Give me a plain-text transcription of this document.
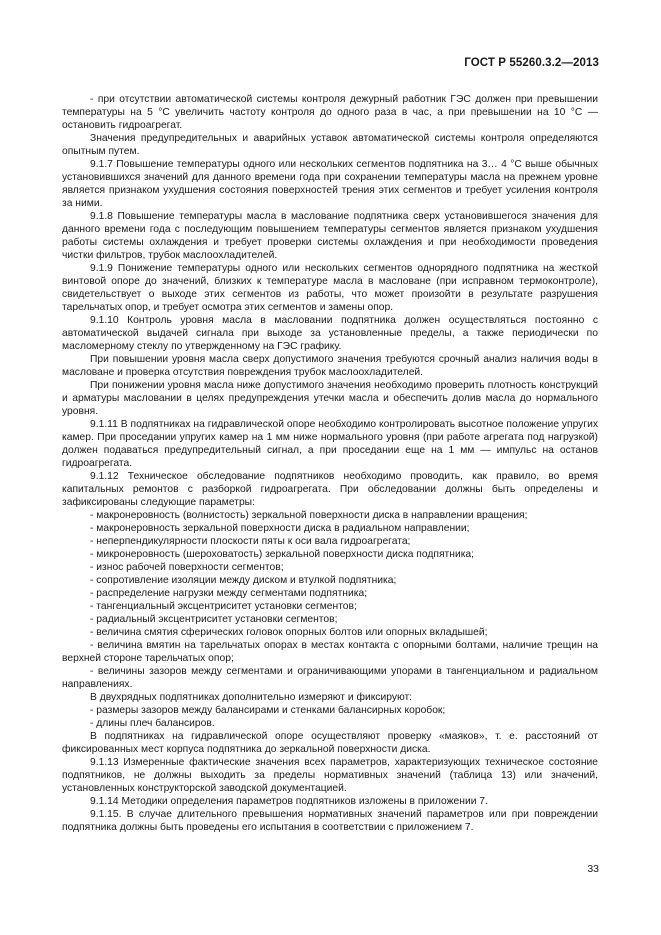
ГОСТ Р 55260.3.2—2013

- при отсутствии автоматической системы контроля дежурный работник ГЭС должен при превышении температуры на 5 °С увеличить частоту контроля до одного раза в час, а при превышении на 10 °С — остановить гидроагрегат.

Значения предупредительных и аварийных уставок автоматической системы контроля определяются опытным путем.

9.1.7 Повышение температуры одного или нескольких сегментов подпятника на 3… 4 °С выше обычных установившихся значений для данного времени года при сохранении температуры масла на прежнем уровне является признаком ухудшения состояния поверхностей трения этих сегментов и требует усиления контроля за ними.

9.1.8 Повышение температуры масла в маслование подпятника сверх установившегося значения для данного времени года с последующим повышением температуры сегментов является признаком ухудшения работы системы охлаждения и требует проверки системы охлаждения и при необходимости проведения чистки фильтров, трубок маслоохладителей.

9.1.9 Понижение температуры одного или нескольких сегментов однорядного подпятника на жесткой винтовой опоре до значений, близких к температуре масла в масловане (при исправном термоконтроле), свидетельствует о выходе этих сегментов из работы, что может произойти в результате разрушения тарельчатых опор, и требует осмотра этих сегментов и замены опор.

9.1.10 Контроль уровня масла в масловании подпятника должен осуществляться постоянно с автоматической выдачей сигнала при выходе за установленные пределы, а также периодически по масломерному стеклу по утвержденному на ГЭС графику.

При повышении уровня масла сверх допустимого значения требуются срочный анализ наличия воды в масловане и проверка отсутствия повреждения трубок маслоохладителей.

При понижении уровня масла ниже допустимого значения необходимо проверить плотность конструкций и арматуры масловании в целях предупреждения утечки масла и обеспечить долив масла до нормального уровня.

9.1.11 В подпятниках на гидравлической опоре необходимо контролировать высотное положение упругих камер. При проседании упругих камер на 1 мм ниже нормального уровня (при работе агрегата под нагрузкой) должен подаваться предупредительный сигнал, а при проседании еще на 1 мм — импульс на останов гидроагрегата.

9.1.12 Техническое обследование подпятников необходимо проводить, как правило, во время капитальных ремонтов с разборкой гидроагрегата. При обследовании должны быть определены и зафиксированы следующие параметры:

- макронеровность (волнистость) зеркальной поверхности диска в направлении вращения;

- макронеровность зеркальной поверхности диска в радиальном направлении;

- неперпендикулярности плоскости пяты к оси вала гидроагрегата;

- микронеровность (шероховатость) зеркальной поверхности диска подпятника;

- износ рабочей поверхности сегментов;

- сопротивление изоляции между диском и втулкой подпятника;

- распределение нагрузки между сегментами подпятника;

- тангенциальный эксцентриситет установки сегментов;

- радиальный эксцентриситет установки сегментов;

- величина смятия сферических головок опорных болтов или опорных вкладышей;

- величина вмятин на тарельчатых опорах в местах контакта с опорными болтами, наличие трещин на верхней стороне тарельчатых опор;

- величины зазоров между сегментами и ограничивающими упорами в тангенциальном и радиальном направлениях.

В двухрядных подпятниках дополнительно измеряют и фиксируют:

- размеры зазоров между балансирами и стенками балансирных коробок;

- длины плеч балансиров.

В подпятниках на гидравлической опоре осуществляют проверку «маяков», т. е. расстояний от фиксированных мест корпуса подпятника до зеркальной поверхности диска.

9.1.13 Измеренные фактические значения всех параметров, характеризующих техническое состояние подпятников, не должны выходить за пределы нормативных значений (таблица 13) или значений, установленных конструкторской заводской документацией.

9.1.14 Методики определения параметров подпятников изложены в приложении 7.

9.1.15. В случае длительного превышения нормативных значений параметров или при повреждении подпятника должны быть проведены его испытания в соответствии с приложением 7.

33
